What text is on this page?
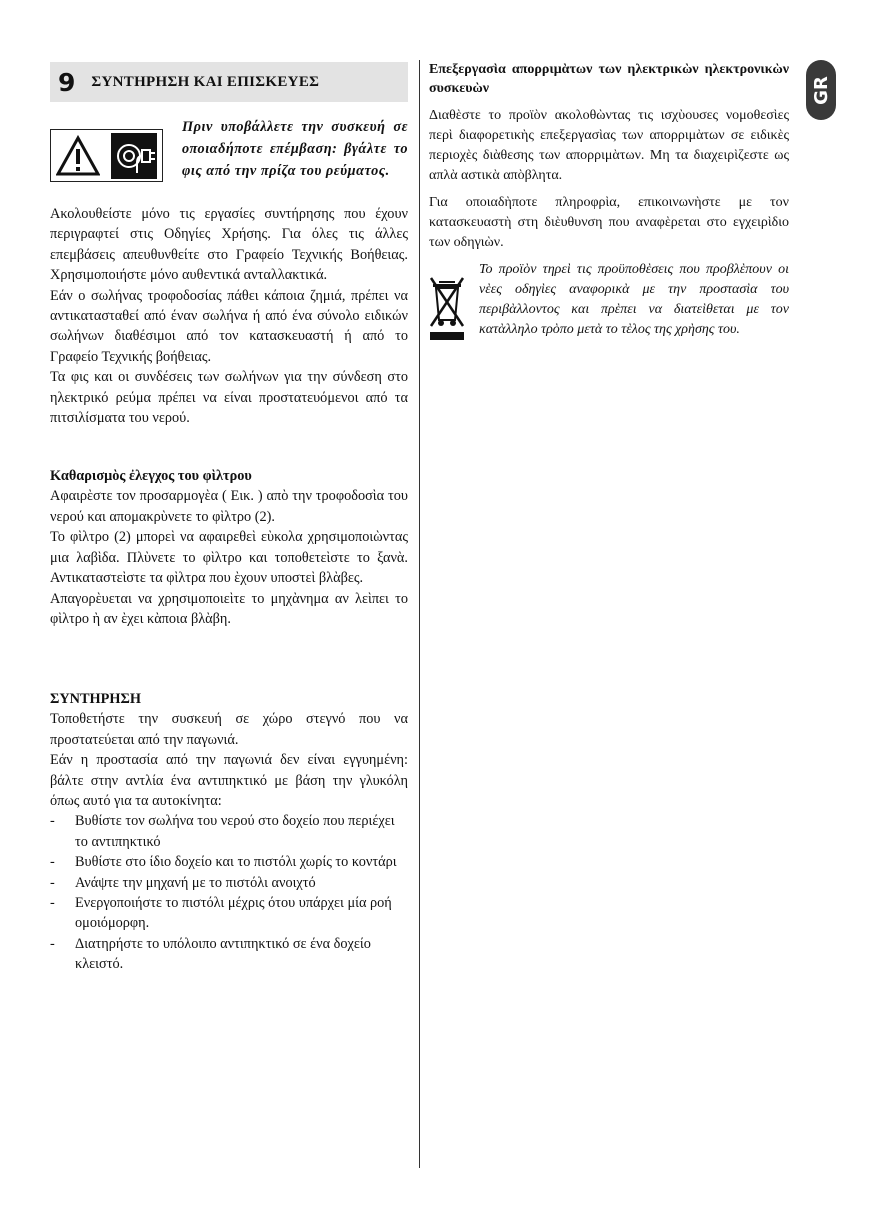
GR
9 ΣΥΝΤΗΡΗΣΗ ΚΑΙ ΕΠΙΣΚΕΥΕΣ
Πριν υποβάλλετε την συσκευή σε οποιαδήποτε επέμβαση: βγάλτε το φις από την πρίζα του ρεύματος.

Ακολουθείστε μόνο τις εργασίες συντήρησης που έχουν περιγραφτεί στις Οδηγίες Χρήσης. Για όλες τις άλλες επεμβάσεις απευθυνθείτε στο Γραφείο Τεχνικής Βοήθειας. Χρησιμοποιήστε μόνο αυθεντικά ανταλλακτικά.

Εάν ο σωλήνας τροφοδοσίας πάθει κάποια ζημιά, πρέπει να αντικατασταθεί από έναν σωλήνα ή από ένα σύνολο ειδικών σωλήνων διαθέσιμοι από τον κατασκευαστή ή από το Γραφείο Τεχνικής βοήθειας.

Τα φις και οι συνδέσεις των σωλήνων για την σύνδεση στο ηλεκτρικό ρεύμα πρέπει να είναι προστατευόμενοι από τα πιτσιλίσματα του νερού.

Καθαρισμὸς ἐλεγχος του φὶλτρου

Αφαιρὲστε τον προσαρμογὲα ( Εικ. ) απὸ την τροφοδοσὶα του νερού και απομακρὺνετε το φὶλτρο (2).

Το φὶλτρο (2) μπορεὶ να αφαιρεθεὶ εὺκολα χρησιμοποιὼντας μια λαβὶδα. Πλὺνετε το φὶλτρο και τοποθετεὶστε το ξανὰ. Αντικαταστεὶστε τα φὶλτρα που ὲχουν υποστεὶ βλὰβες.

Απαγορὲυεται να χρησιμοποιεὶτε το μηχὰνημα αν λεὶπει το φὶλτρο ὴ αν ὲχει κὰποια βλὰβη.

ΣΥΝΤΗΡΗΣΗ

Τοποθετήστε την συσκευή σε χώρο στεγνό που να προστατεύεται από την παγωνιά.

Εάν η προστασία από την παγωνιά δεν είναι εγγυημένη: βάλτε στην αντλία ένα αντιπηκτικό με βάση την γλυκόλη όπως αυτό για τα αυτοκίνητα:

- Βυθίστε τον σωλήνα του νερού στο δοχείο που περιέχει το αντιπηκτικό
- Βυθίστε στο ίδιο δοχείο και το πιστόλι χωρίς το κοντάρι
- Ανάψτε την μηχανή με το πιστόλι ανοιχτό
- Ενεργοποιήστε το πιστόλι μέχρις ότου υπάρχει μία ροή ομοιόμορφη.
- Διατηρήστε το υπόλοιπο αντιπηκτικό σε ένα δοχείο κλειστό.
Επεξεργασὶα απορριμὰτων των ηλεκτρικὼν ηλεκτρονικὼν συσκευὼν

Διαθὲστε το προϊὸν ακολοθὼντας τις ισχὺουσες νομοθεσὶες περὶ διαφορετικὴς επεξεργασὶας των απορριμὰτων σε ειδικὲς περιοχὲς διὰθεσης των απορριμὰτων. Μη τα διαχειρὶζεστε ως απλὰ αστικὰ απὸβλητα.

Για οποιαδὴποτε πληροφρὶα, επικοινωνὴστε με τον κατασκευαστὴ στη διὲυθυνση που αναφὲρεται στο εγχειρὶδιο των οδηγιὼν.

Το προϊὸν τηρεὶ τις προϋποθὲσεις που προβλὲπουν οι νὲες οδηγὶες αναφορικὰ με την προστασὶα του περιβὰλλοντος και πρὲπει να διατεὶθεται με τον κατὰλληλο τρὸπο μετὰ το τὲλος της χρὴσης του.
